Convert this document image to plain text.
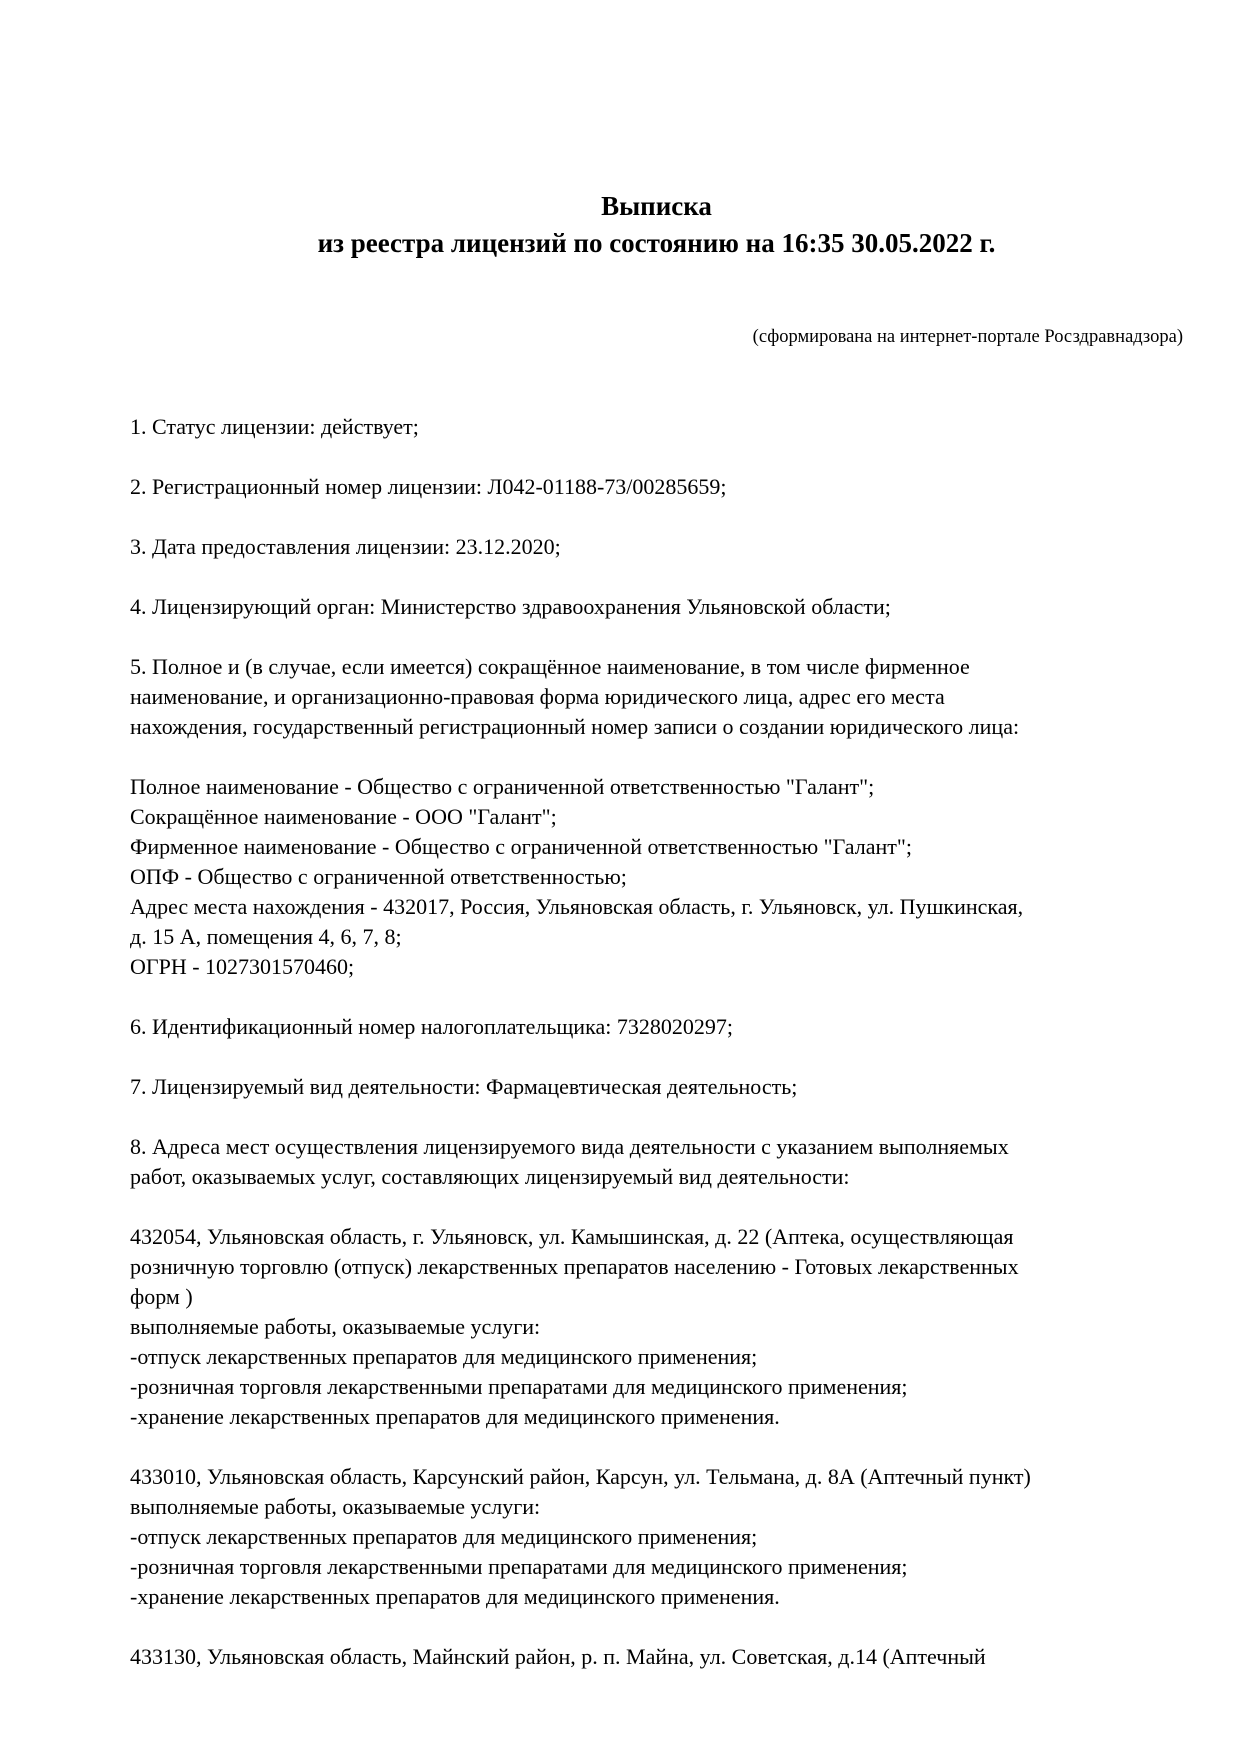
Выписка
из реестра лицензий по состоянию на 16:35 30.05.2022 г.
(сформирована на интернет-портале Росздравнадзора)

1. Статус лицензии: действует;

2. Регистрационный номер лицензии: Л042-01188-73/00285659;

3. Дата предоставления лицензии: 23.12.2020;

4. Лицензирующий орган: Министерство здравоохранения Ульяновской области;

5. Полное и (в случае, если имеется) сокращённое наименование, в том числе фирменное
наименование, и организационно-правовая форма юридического лица, адрес его места
нахождения, государственный регистрационный номер записи о создании юридического лица:

Полное наименование - Общество с ограниченной ответственностью "Галант";
Сокращённое наименование - ООО "Галант";
Фирменное наименование - Общество с ограниченной ответственностью "Галант";
ОПФ - Общество с ограниченной ответственностью;
Адрес места нахождения - 432017, Россия, Ульяновская область, г. Ульяновск, ул. Пушкинская,
д. 15 А, помещения 4, 6, 7, 8;
ОГРН - 1027301570460;

6. Идентификационный номер налогоплательщика: 7328020297;

7. Лицензируемый вид деятельности: Фармацевтическая деятельность;

8. Адреса мест осуществления лицензируемого вида деятельности с указанием выполняемых
работ, оказываемых услуг, составляющих лицензируемый вид деятельности:

432054, Ульяновская область, г. Ульяновск, ул. Камышинская, д. 22 (Аптека, осуществляющая
розничную торговлю (отпуск) лекарственных препаратов населению - Готовых лекарственных
форм )
выполняемые работы, оказываемые услуги:
-отпуск лекарственных препаратов для медицинского применения;
-розничная торговля лекарственными препаратами для медицинского применения;
-хранение лекарственных препаратов для медицинского применения.

433010, Ульяновская область, Карсунский район, Карсун, ул. Тельмана, д. 8А (Аптечный пункт)
выполняемые работы, оказываемые услуги:
-отпуск лекарственных препаратов для медицинского применения;
-розничная торговля лекарственными препаратами для медицинского применения;
-хранение лекарственных препаратов для медицинского применения.

433130, Ульяновская область, Майнский район, р. п. Майна, ул. Советская, д.14 (Аптечный
